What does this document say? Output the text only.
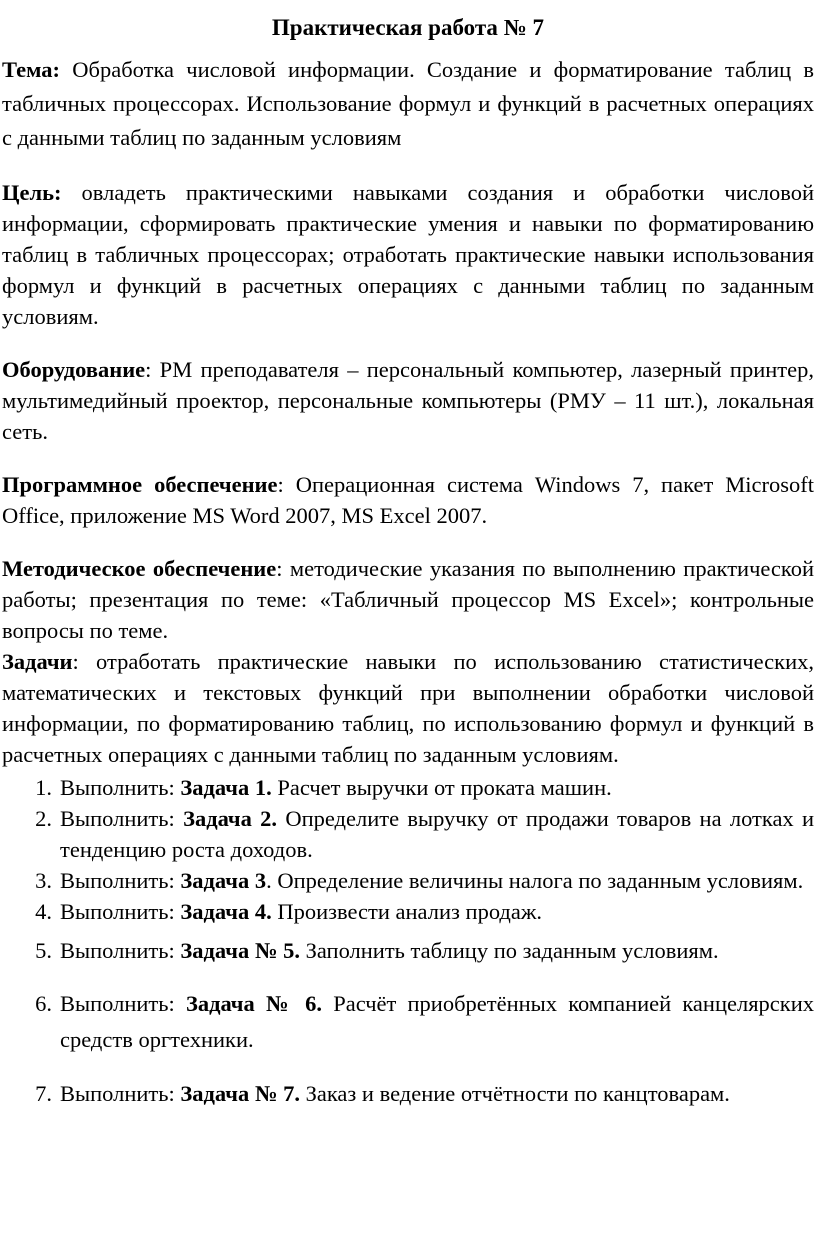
Практическая работа № 7

Тема: Обработка числовой информации. Создание и форматирование таблиц в табличных процессорах. Использование формул и функций в расчетных операциях с данными таблиц по заданным условиям

Цель: овладеть практическими навыками создания и обработки числовой информации, сформировать практические умения и навыки по форматированию таблиц в табличных процессорах; отработать практические навыки использования формул и функций в расчетных операциях с данными таблиц по заданным условиям.

Оборудование: РМ преподавателя – персональный компьютер, лазерный принтер, мультимедийный проектор, персональные компьютеры (РМУ – 11 шт.), локальная сеть.

Программное обеспечение: Операционная система Windows 7, пакет Microsoft Office, приложение MS Word 2007, MS Excel 2007.

Методическое обеспечение: методические указания по выполнению практической работы; презентация по теме: «Табличный процессор MS Excel»; контрольные вопросы по теме.

Задачи: отработать практические навыки по использованию статистических, математических и текстовых функций при выполнении обработки числовой информации, по форматированию таблиц, по использованию формул и функций в расчетных операциях с данными таблиц по заданным условиям.

1. Выполнить: Задача 1. Расчет выручки от проката машин.
2. Выполнить: Задача 2. Определите выручку от продажи товаров на лотках и тенденцию роста доходов.
3. Выполнить: Задача 3. Определение величины налога по заданным условиям.
4. Выполнить: Задача 4. Произвести анализ продаж.
5. Выполнить: Задача № 5. Заполнить таблицу по заданным условиям.
6. Выполнить: Задача № 6. Расчёт приобретённых компанией канцелярских средств оргтехники.
7. Выполнить: Задача № 7. Заказ и ведение отчётности по канцтоварам.
